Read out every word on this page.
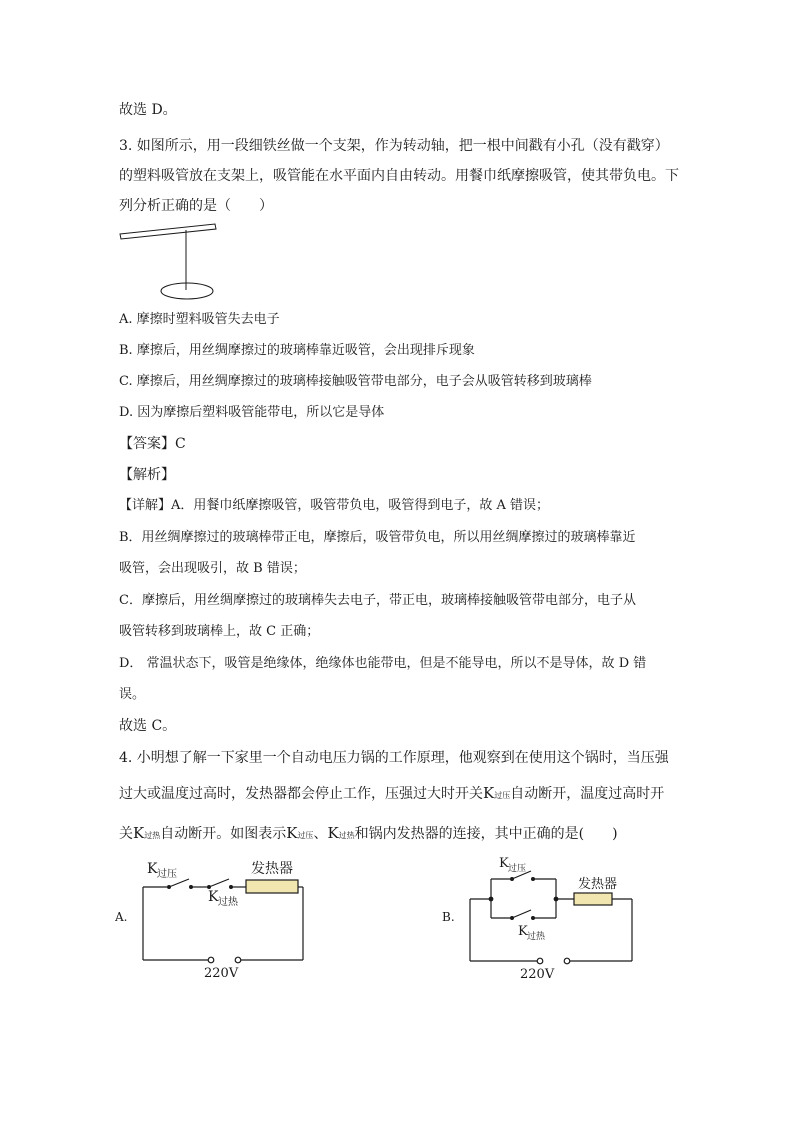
故选 D。
3. 如图所示，用一段细铁丝做一个支架，作为转动轴，把一根中间戳有小孔（没有戳穿）
的塑料吸管放在支架上，吸管能在水平面内自由转动。用餐巾纸摩擦吸管，使其带负电。下
列分析正确的是（　　）
A. 摩擦时塑料吸管失去电子
B. 摩擦后，用丝绸摩擦过的玻璃棒靠近吸管，会出现排斥现象
C. 摩擦后，用丝绸摩擦过的玻璃棒接触吸管带电部分，电子会从吸管转移到玻璃棒
D. 因为摩擦后塑料吸管能带电，所以它是导体
【答案】C
【解析】
【详解】A．用餐巾纸摩擦吸管，吸管带负电，吸管得到电子，故 A 错误；
B．用丝绸摩擦过的玻璃棒带正电，摩擦后，吸管带负电，所以用丝绸摩擦过的玻璃棒靠近
吸管，会出现吸引，故 B 错误；
C．摩擦后，用丝绸摩擦过的玻璃棒失去电子，带正电，玻璃棒接触吸管带电部分，电子从
吸管转移到玻璃棒上，故 C 正确；
D． 常温状态下，吸管是绝缘体，绝缘体也能带电，但是不能导电，所以不是导体，故 D 错
误。
故选 C。
4. 小明想了解一下家里一个自动电压力锅的工作原理，他观察到在使用这个锅时，当压强
过大或温度过高时，发热器都会停止工作，压强过大时开关K过压自动断开，温度过高时开
关K过热自动断开。如图表示K过压、K过热和锅内发热器的连接，其中正确的是(　　)
A.
K 过压
K 过热
发热器
220V
B.
K 过压
K 过热
发热器
220V
